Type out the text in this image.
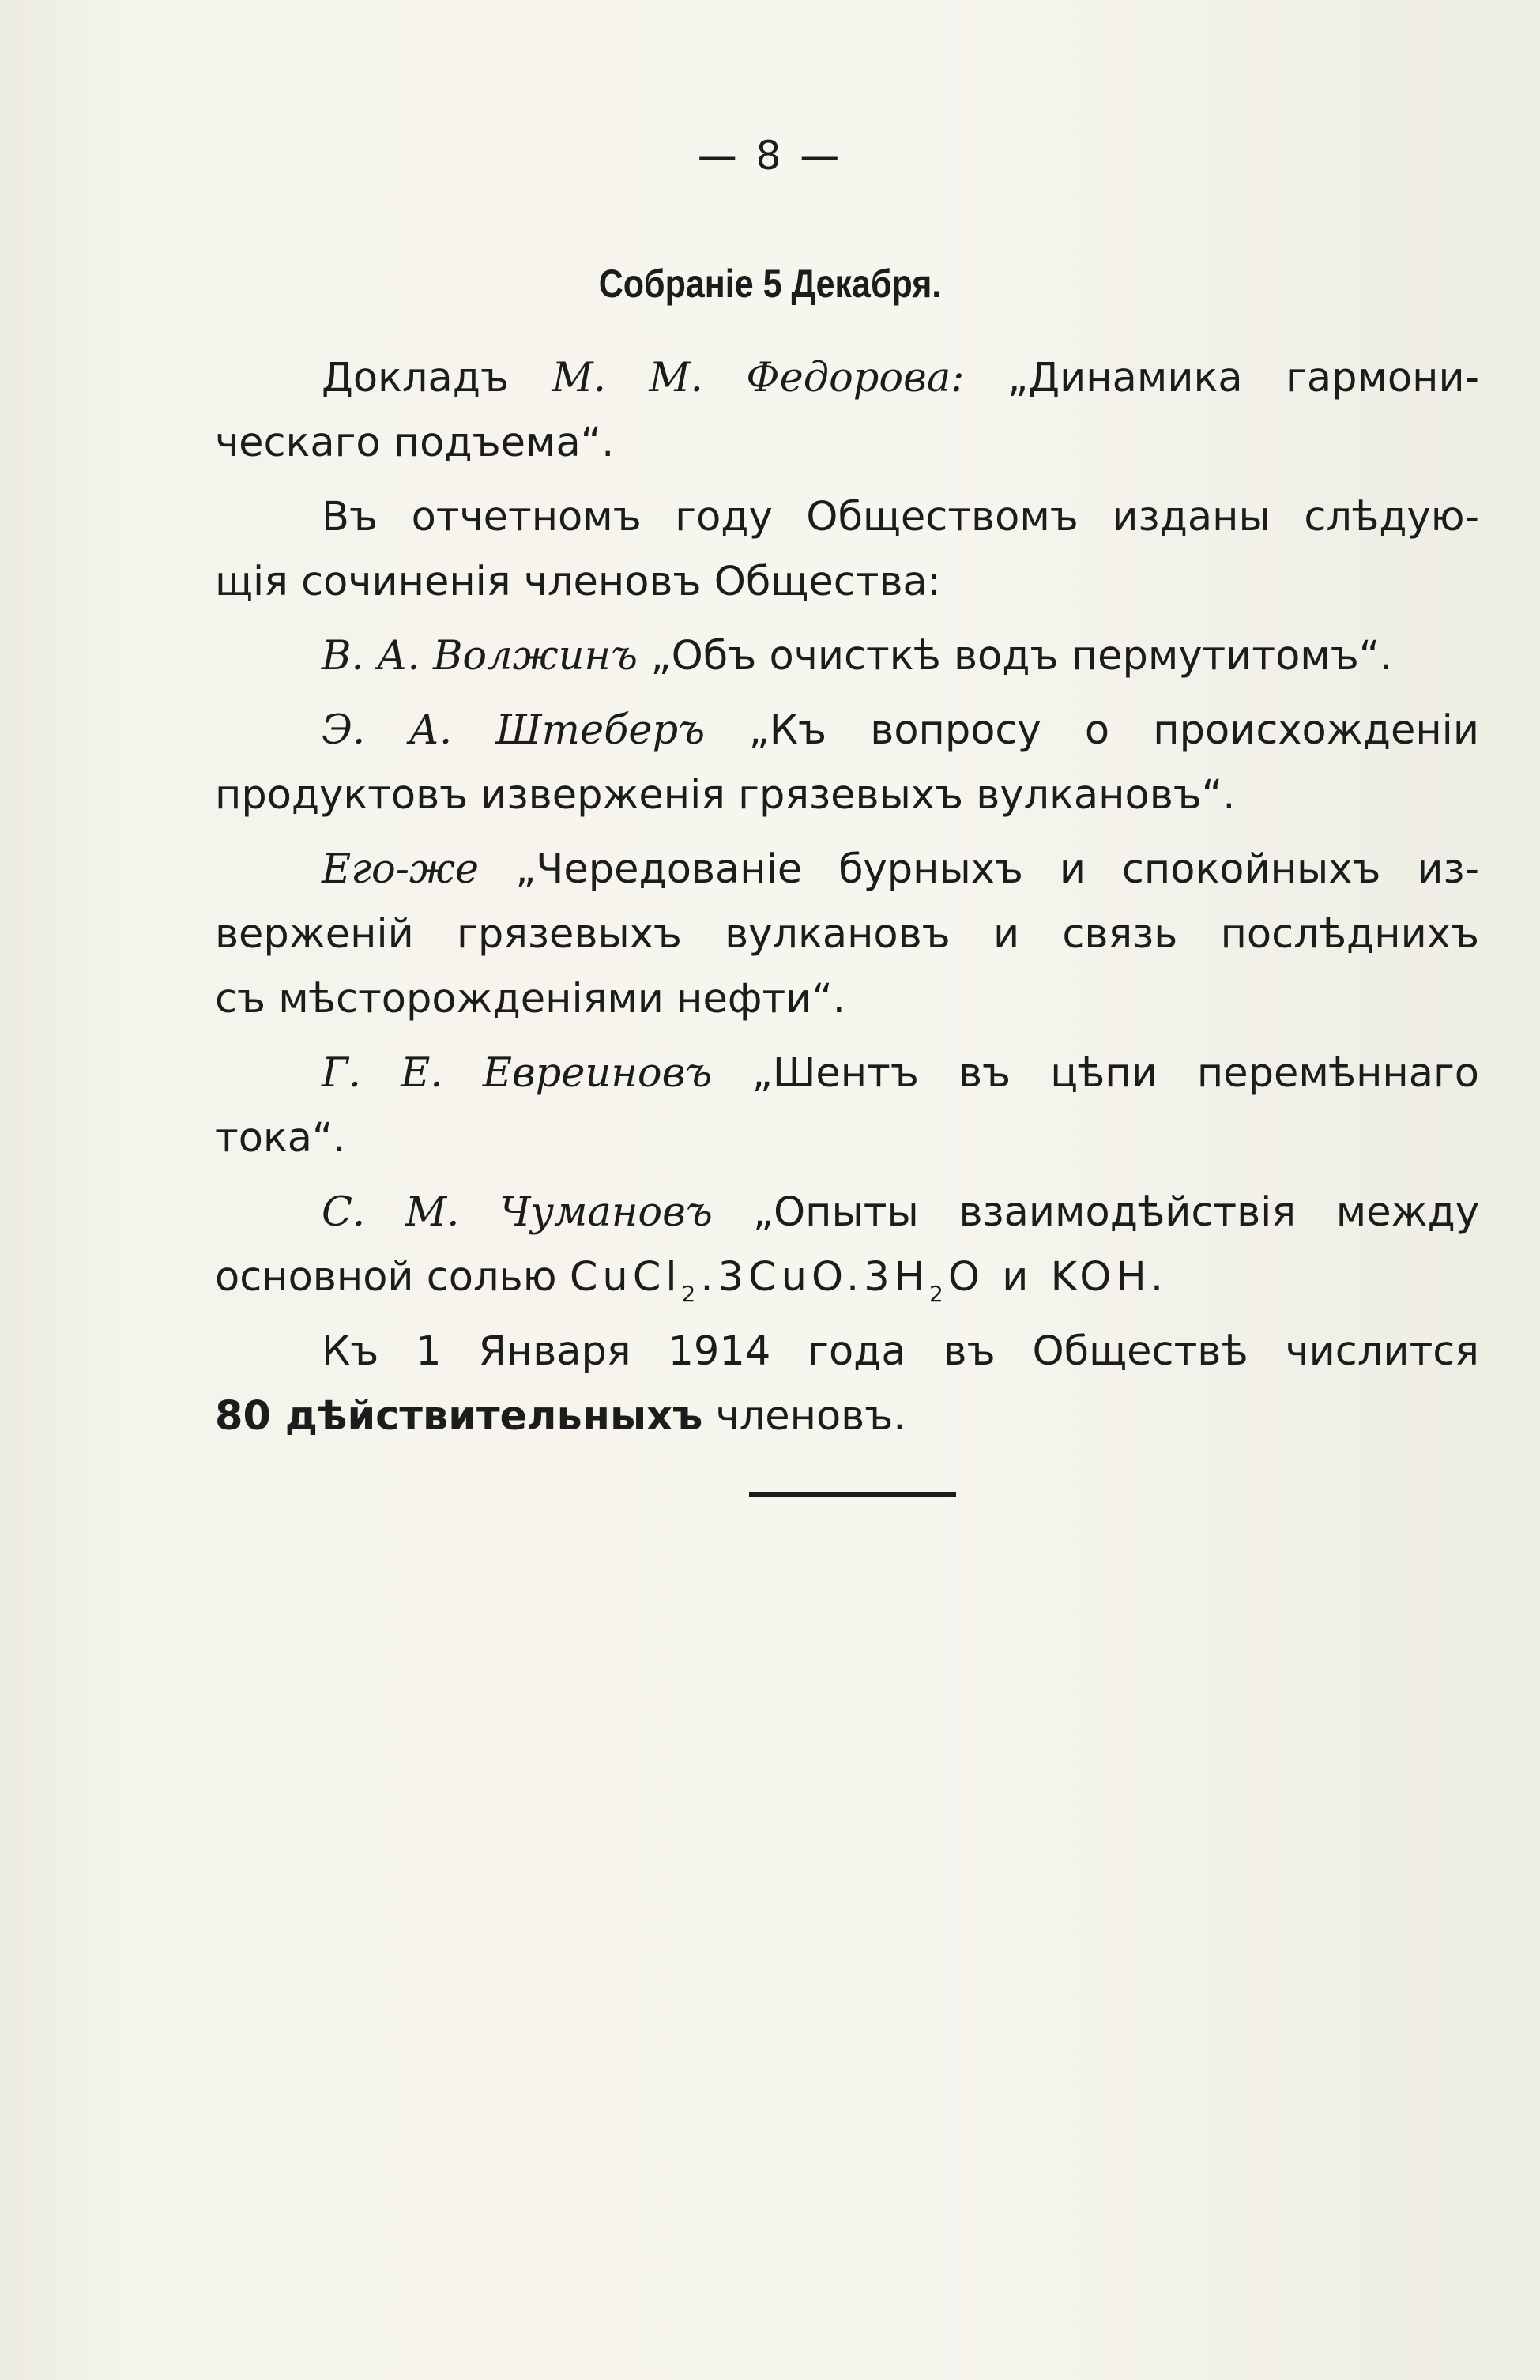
— 8 —
Собраніе 5 Декабря.
Докладъ М. М. Федорова: „Динамика гармони-
ческаго подъема“.
Въ отчетномъ году Обществомъ изданы слѣдую-
щія сочиненія членовъ Общества:
В. А. Волжинъ „Объ очисткѣ водъ пермутитомъ“.
Э. А. Штеберъ „Къ вопросу о происхожденіи
продуктовъ изверженія грязевыхъ вулкановъ“.
Его-же „Чередованіе бурныхъ и спокойныхъ из-
верженій грязевыхъ вулкановъ и связь послѣднихъ
съ мѣсторожденіями нефти“.
Г. Е. Евреиновъ „Шентъ въ цѣпи перемѣннаго
тока“.
С. М. Чумановъ „Опыты взаимодѣйствія между
основной солью $CuCl_2.3CuO.3H_2O$ и KOH.
Къ 1 Января 1914 года въ Обществѣ числится
80 дѣйствительныхъ членовъ.
